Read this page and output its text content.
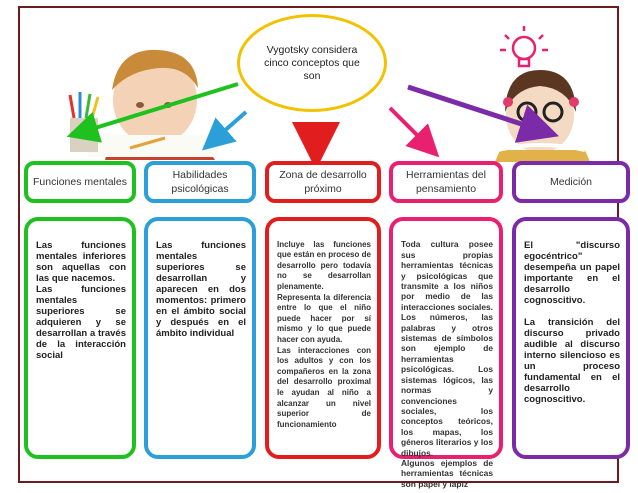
Vygotsky considera cinco conceptos que son
Funciones mentales
Habilidades psicológicas
Zona de desarrollo próximo
Herramientas del pensamiento
Medición

Las funciones mentales inferiores son aquellas con las que nacemos.
Las funciones mentales superiores se adquieren y se desarrollan a través de la interacción social

Las funciones mentales superiores se desarrollan y aparecen en dos momentos: primero en el ámbito social y después en el ámbito individual

Incluye las funciones que están en proceso de desarrollo pero todavía no se desarrollan plenamente.
Representa la diferencia entre lo que el niño puede hacer por sí mismo y lo que puede hacer con ayuda.
Las interacciones con los adultos y con los compañeros en la zona del desarrollo proximal le ayudan al niño a alcanzar un nivel superior de funcionamiento

Toda cultura posee sus propias herramientas técnicas y psicológicas que transmite a los niños por medio de las interacciones sociales. Los números, las palabras y otros sistemas de símbolos son ejemplo de herramientas psicológicas. Los sistemas lógicos, las normas y convenciones sociales, los conceptos teóricos, los mapas, los géneros literarios y los dibujos.
Algunos ejemplos de herramientas técnicas son papel y lápiz

El "discurso egocéntrico" desempeña un papel importante en el desarrollo cognoscitivo.

La transición del discurso privado audible al discurso interno silencioso es un proceso fundamental en el desarrollo cognoscitivo.
